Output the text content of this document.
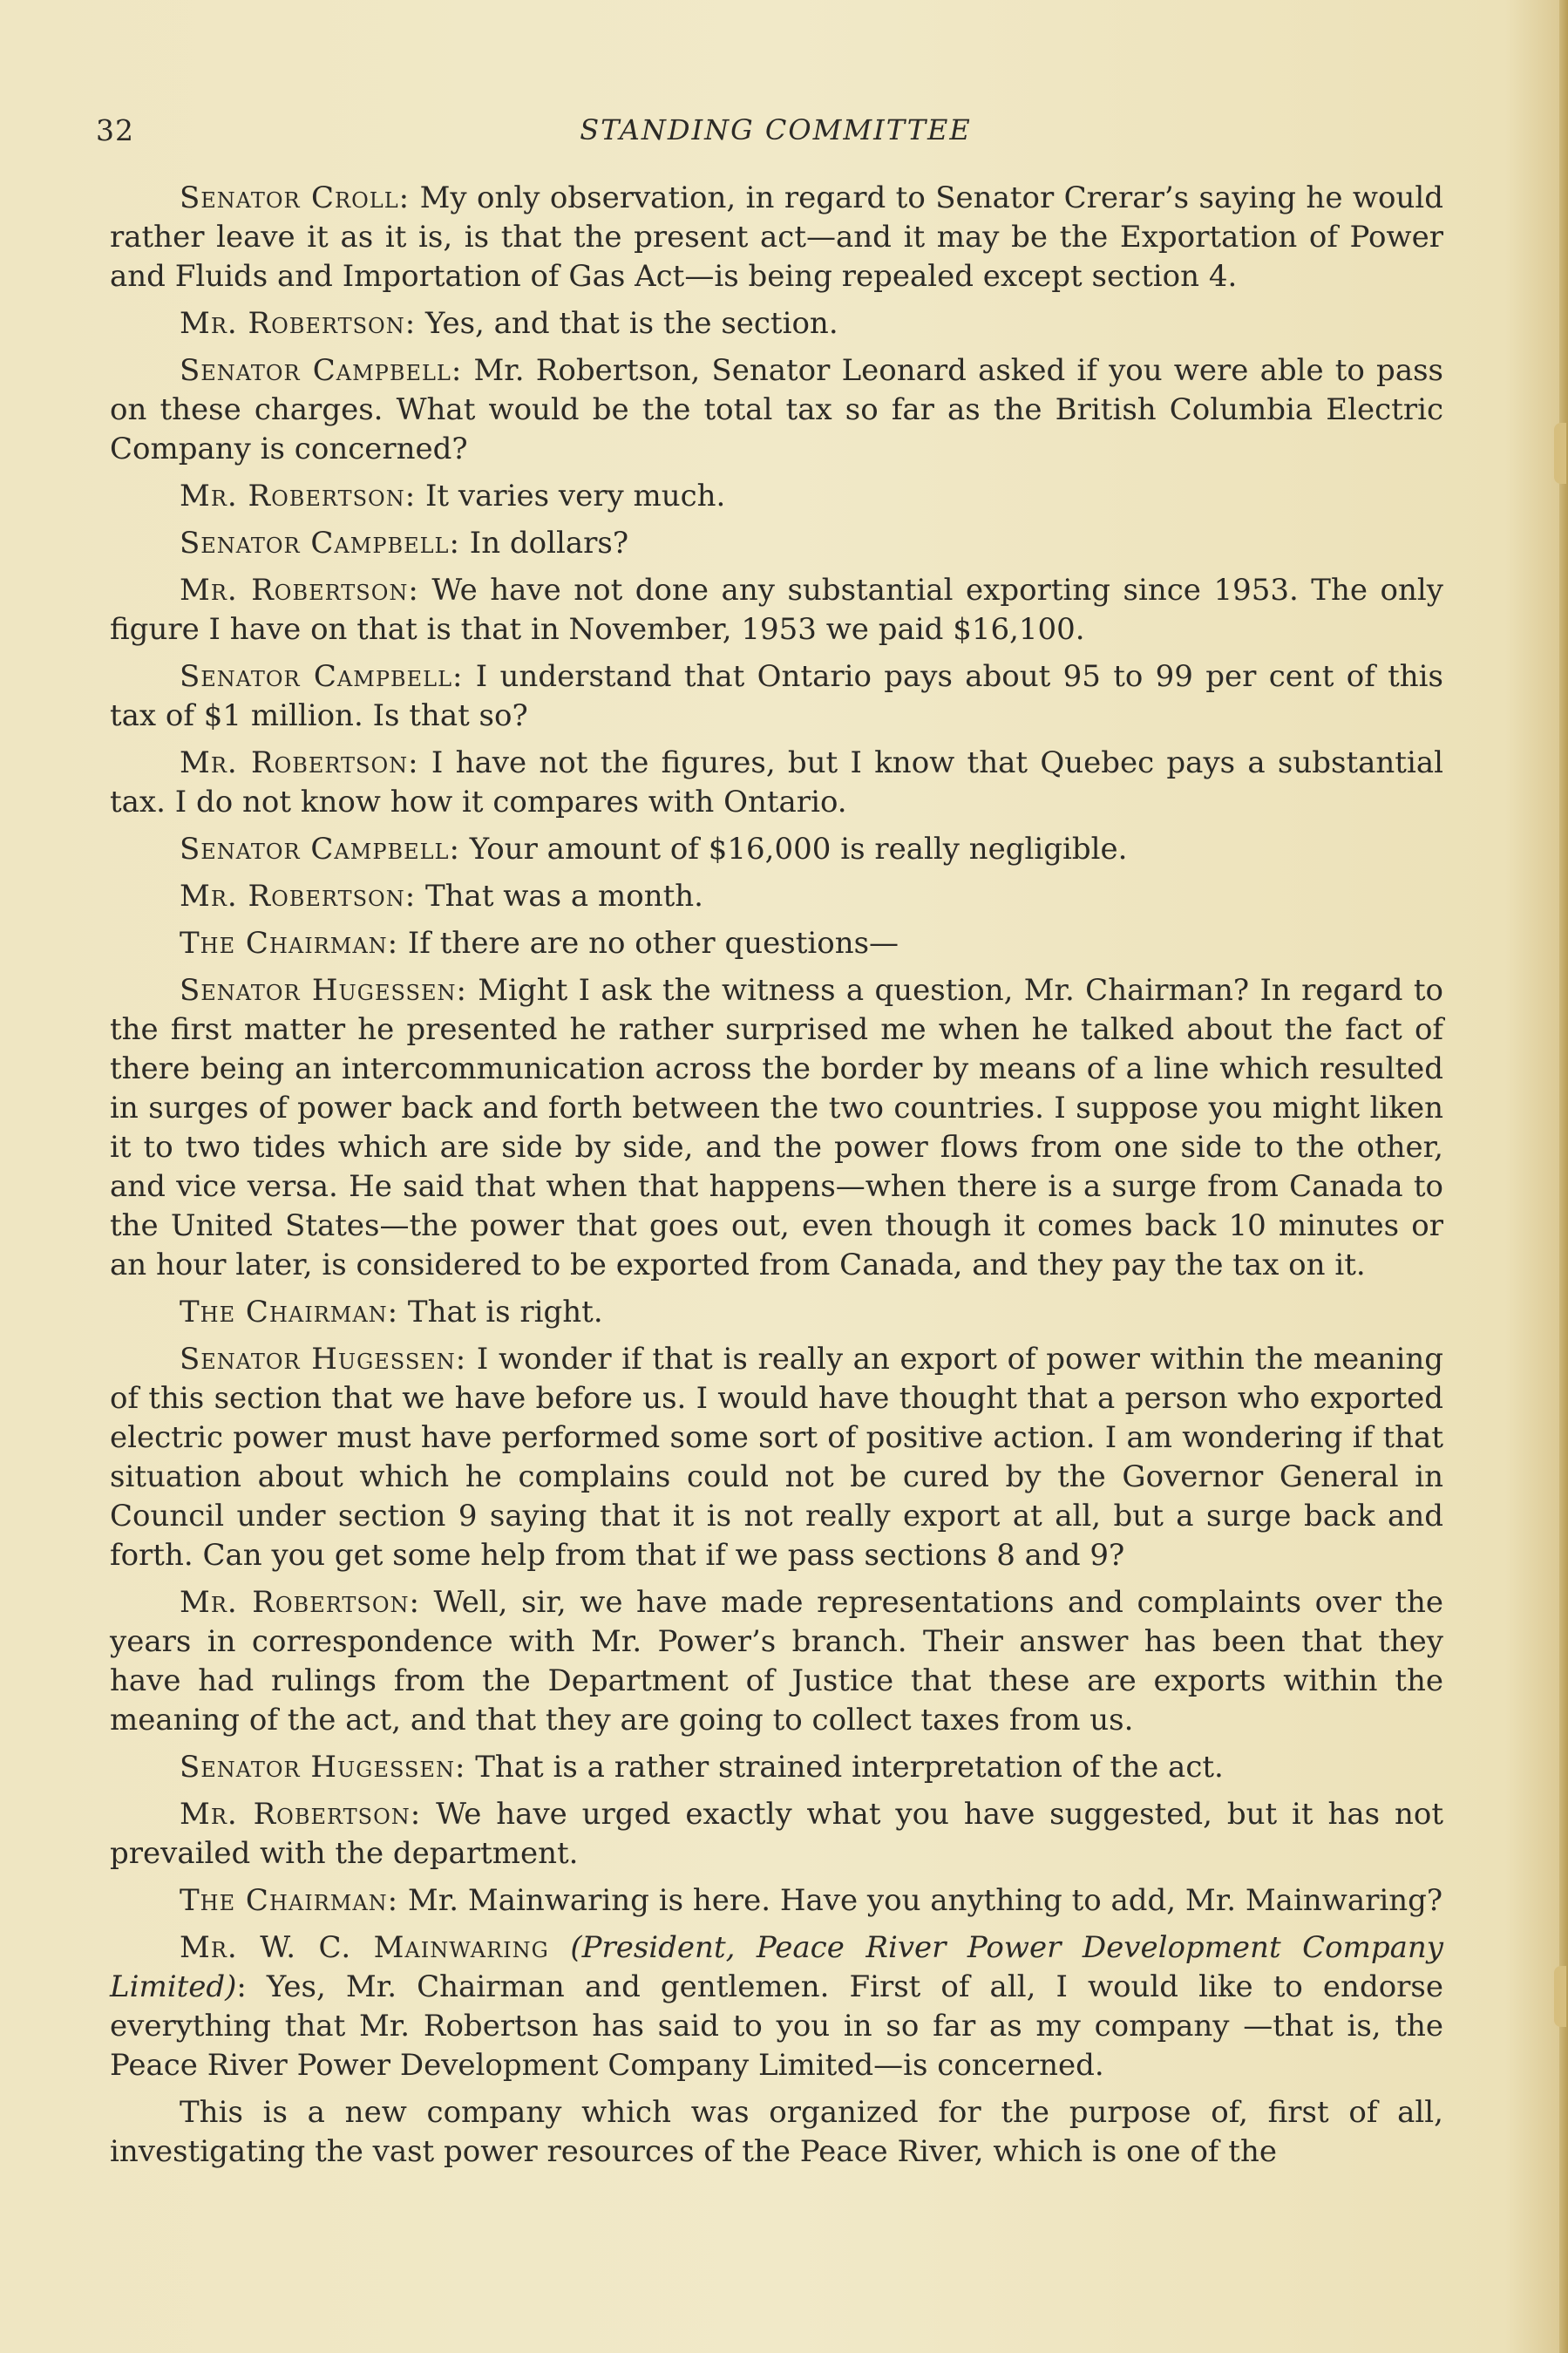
32	STANDING COMMITTEE

Senator Croll: My only observation, in regard to Senator Crerar’s saying he would rather leave it as it is, is that the present act—and it may be the Exportation of Power and Fluids and Importation of Gas Act—is being repealed except section 4.

Mr. Robertson: Yes, and that is the section.

Senator Campbell: Mr. Robertson, Senator Leonard asked if you were able to pass on these charges. What would be the total tax so far as the British Columbia Electric Company is concerned?

Mr. Robertson: It varies very much.

Senator Campbell: In dollars?

Mr. Robertson: We have not done any substantial exporting since 1953. The only figure I have on that is that in November, 1953 we paid $16,100.

Senator Campbell: I understand that Ontario pays about 95 to 99 per cent of this tax of $1 million. Is that so?

Mr. Robertson: I have not the figures, but I know that Quebec pays a substantial tax. I do not know how it compares with Ontario.

Senator Campbell: Your amount of $16,000 is really negligible.

Mr. Robertson: That was a month.

The Chairman: If there are no other questions—

Senator Hugessen: Might I ask the witness a question, Mr. Chairman? In regard to the first matter he presented he rather surprised me when he talked about the fact of there being an intercommunication across the border by means of a line which resulted in surges of power back and forth between the two countries. I suppose you might liken it to two tides which are side by side, and the power flows from one side to the other, and vice versa. He said that when that happens—when there is a surge from Canada to the United States—the power that goes out, even though it comes back 10 minutes or an hour later, is considered to be exported from Canada, and they pay the tax on it.

The Chairman: That is right.

Senator Hugessen: I wonder if that is really an export of power within the meaning of this section that we have before us. I would have thought that a person who exported electric power must have performed some sort of positive action. I am wondering if that situation about which he complains could not be cured by the Governor General in Council under section 9 saying that it is not really export at all, but a surge back and forth. Can you get some help from that if we pass sections 8 and 9?

Mr. Robertson: Well, sir, we have made representations and complaints over the years in correspondence with Mr. Power’s branch. Their answer has been that they have had rulings from the Department of Justice that these are exports within the meaning of the act, and that they are going to collect taxes from us.

Senator Hugessen: That is a rather strained interpretation of the act.

Mr. Robertson: We have urged exactly what you have suggested, but it has not prevailed with the department.

The Chairman: Mr. Mainwaring is here. Have you anything to add, Mr. Mainwaring?

Mr. W. C. Mainwaring (President, Peace River Power Development Company Limited): Yes, Mr. Chairman and gentlemen. First of all, I would like to endorse everything that Mr. Robertson has said to you in so far as my company —that is, the Peace River Power Development Company Limited—is concerned.

This is a new company which was organized for the purpose of, first of all, investigating the vast power resources of the Peace River, which is one of the
